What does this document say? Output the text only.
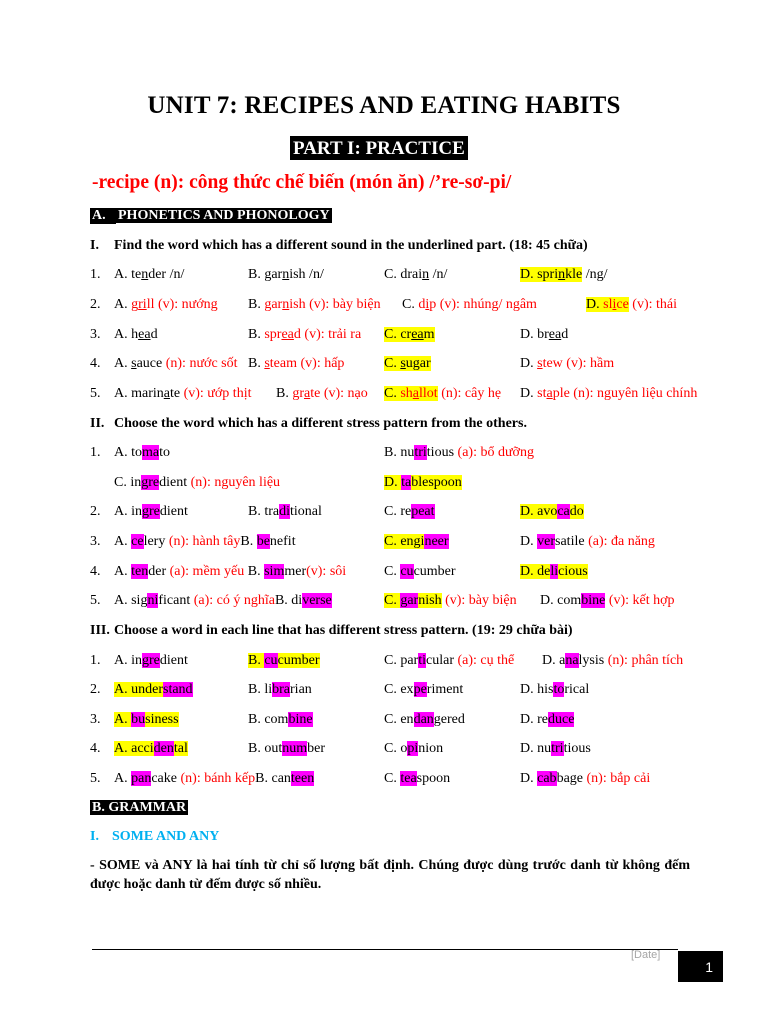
UNIT 7: RECIPES AND EATING HABITS
PART I: PRACTICE
-recipe (n): công thức chế biến (món ăn) /’re-sơ-pi/
A. PHONETICS AND PHONOLOGY
I. Find the word which has a different sound in the underlined part. (18: 45 chữa)
1. A. tender /n/	B. garnish /n/	C. drain /n/	D. sprinkle /ng/
2. A. grill (v): nướng B. garnish (v): bày biện C. dip (v): nhúng/ ngâm	D. slice (v): thái
3. A. head	B. spread (v): trải ra C. cream	D. bread
4. A. sauce (n): nước sốt B. steam (v): hấp	C. sugar	D. stew (v): hầm
5. A. marinate (v): ướp thịt B. grate (v): nạo C. shallot (n): cây hẹ D. staple (n): nguyên liệu chính
II. Choose the word which has a different stress pattern from the others.
1. A. tomato	B. nutritious (a): bổ dưỡng
C. ingredient (n): nguyên liệu	D. tablespoon
2. A. ingredient	B. traditional	C. repeat	D. avocado
3. A. celery (n): hành tâyB. benefit	C. engineer	D. versatile (a): đa năng
4. A. tender (a): mềm yếu B. simmer(v): sôi	C. cucumber	D. delicious
5. A. significant (a): có ý nghĩaB. diverse	C. garnish (v): bày biện D. combine (v): kết hợp
III. Choose a word in each line that has different stress pattern. (19: 29 chữa bài)
1. A. ingredient	B. cucumber	C. particular (a): cụ thể D. analysis (n): phân tích
2. A. understand	B. librarian	C. experiment	D. historical
3. A. business	B. combine	C. endangered	D. reduce
4. A. accidental	B. outnumber	C. opinion	D. nutritious
5. A. pancake (n): bánh kếpB. canteen	C. teaspoon	D. cabbage (n): bắp cải
B. GRAMMAR
I. SOME AND ANY
- SOME và ANY là hai tính từ chỉ số lượng bất định. Chúng được dùng trước danh từ không đếm được hoặc danh từ đếm được số nhiều.
[Date]
1
